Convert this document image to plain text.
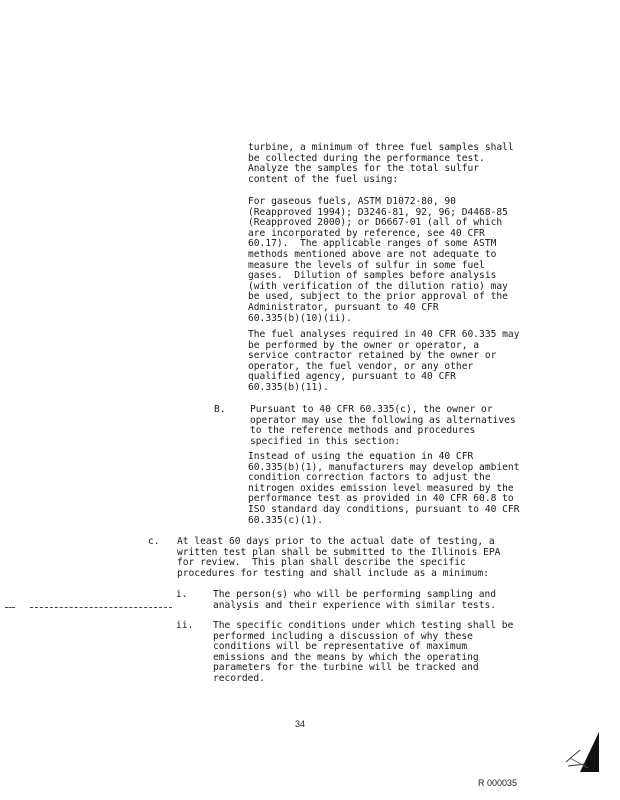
turbine, a minimum of three fuel samples shall
be collected during the performance test.
Analyze the samples for the total sulfur
content of the fuel using:
For gaseous fuels, ASTM D1072-80, 90
(Reapproved 1994); D3246-81, 92, 96; D4468-85
(Reapproved 2000); or D6667-01 (all of which
are incorporated by reference, see 40 CFR
60.17).  The applicable ranges of some ASTM
methods mentioned above are not adequate to
measure the levels of sulfur in some fuel
gases.  Dilution of samples before analysis
(with verification of the dilution ratio) may
be used, subject to the prior approval of the
Administrator, pursuant to 40 CFR
60.335(b)(10)(ii).
The fuel analyses required in 40 CFR 60.335 may
be performed by the owner or operator, a
service contractor retained by the owner or
operator, the fuel vendor, or any other
qualified agency, pursuant to 40 CFR
60.335(b)(11).
B.	Pursuant to 40 CFR 60.335(c), the owner or
operator may use the following as alternatives
to the reference methods and procedures
specified in this section:
Instead of using the equation in 40 CFR
60.335(b)(1), manufacturers may develop ambient
condition correction factors to adjust the
nitrogen oxides emission level measured by the
performance test as provided in 40 CFR 60.8 to
ISO standard day conditions, pursuant to 40 CFR
60.335(c)(1).
c. At least 60 days prior to the actual date of testing, a
written test plan shall be submitted to the Illinois EPA
for review.  This plan shall describe the specific
procedures for testing and shall include as a minimum:
i.	The person(s) who will be performing sampling and
analysis and their experience with similar tests.
ii. The specific conditions under which testing shall be
performed including a discussion of why these
conditions will be representative of maximum
emissions and the means by which the operating
parameters for the turbine will be tracked and
recorded.
34
R 000035
